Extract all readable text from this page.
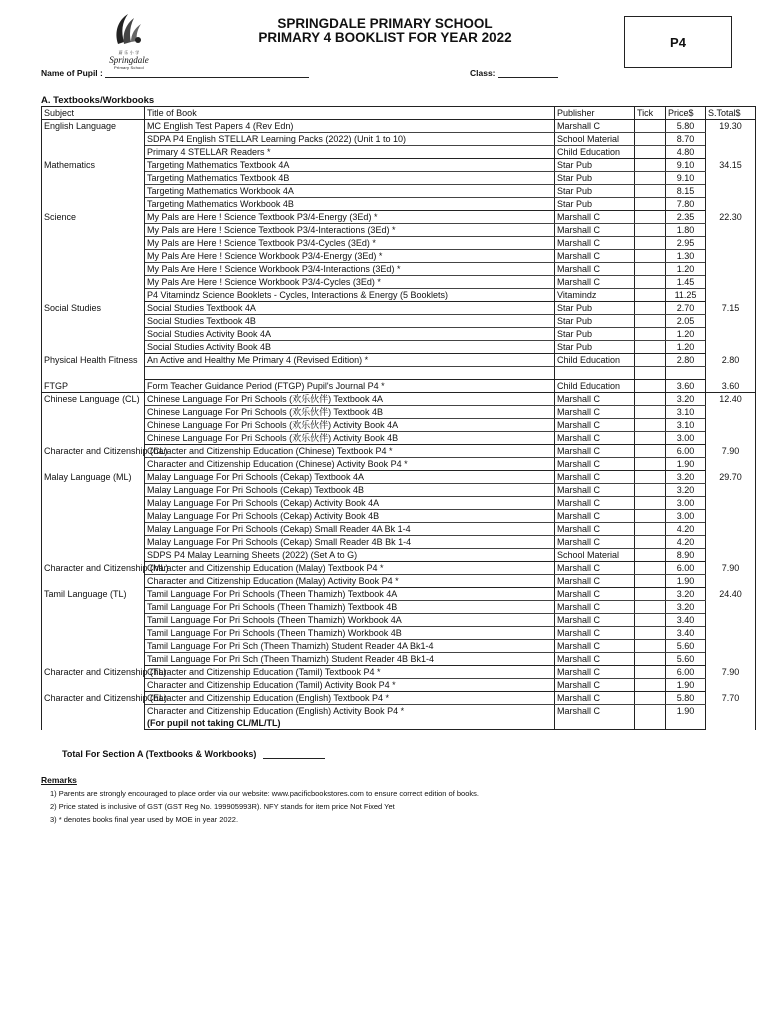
蔚 乐 小 学
Springdale
Primary School
SPRINGDALE PRIMARY SCHOOL
PRIMARY 4 BOOKLIST FOR YEAR 2022	P4
Name of Pupil :	Class:
A. Textbooks/Workbooks
Subject	Title of Book	Publisher	Tick	Price$	S.Total$
English Language	MC English Test Papers 4 (Rev Edn)	Marshall C		5.80	19.30
	SDPA P4 English STELLAR Learning Packs (2022) (Unit 1 to 10)	School Material		8.70	
	Primary 4 STELLAR Readers *	Child Education		4.80	
Mathematics	Targeting Mathematics Textbook 4A	Star Pub		9.10	34.15
	Targeting Mathematics Textbook 4B	Star Pub		9.10	
	Targeting Mathematics Workbook 4A	Star Pub		8.15	
	Targeting Mathematics Workbook 4B	Star Pub		7.80	
Science	My Pals are Here ! Science Textbook P3/4-Energy (3Ed) *	Marshall C		2.35	22.30
	My Pals are Here ! Science Textbook P3/4-Interactions (3Ed) *	Marshall C		1.80	
	My Pals are Here ! Science Textbook P3/4-Cycles (3Ed) *	Marshall C		2.95	
	My Pals Are Here ! Science Workbook P3/4-Energy (3Ed) *	Marshall C		1.30	
	My Pals Are Here ! Science Workbook P3/4-Interactions (3Ed) *	Marshall C		1.20	
	My Pals Are Here ! Science Workbook P3/4-Cycles (3Ed) *	Marshall C		1.45	
	P4 Vitamindz Science Booklets - Cycles, Interactions & Energy (5 Booklets)	Vitamindz		11.25	
Social Studies	Social Studies Textbook 4A	Star Pub		2.70	7.15
	Social Studies Textbook 4B	Star Pub		2.05	
	Social Studies Activity Book 4A	Star Pub		1.20	
	Social Studies Activity Book 4B	Star Pub		1.20	
Physical Health Fitness	An Active and Healthy Me Primary 4 (Revised Edition) *	Child Education		2.80	2.80

FTGP	Form Teacher Guidance Period (FTGP) Pupil's Journal P4 *	Child Education		3.60	3.60
Chinese Language (CL)	Chinese Language For Pri Schools (欢乐伙伴) Textbook 4A	Marshall C		3.20	12.40
	Chinese Language For Pri Schools (欢乐伙伴) Textbook 4B	Marshall C		3.10	
	Chinese Language For Pri Schools (欢乐伙伴) Activity Book 4A	Marshall C		3.10	
	Chinese Language For Pri Schools (欢乐伙伴) Activity Book 4B	Marshall C		3.00	
Character and Citizenship (CL)	Character and Citizenship Education (Chinese) Textbook P4 *	Marshall C		6.00	7.90
	Character and Citizenship Education (Chinese) Activity Book P4 *	Marshall C		1.90	
Malay Language (ML)	Malay Language For Pri Schools (Cekap) Textbook 4A	Marshall C		3.20	29.70
	Malay Language For Pri Schools (Cekap) Textbook 4B	Marshall C		3.20	
	Malay Language For Pri Schools (Cekap) Activity Book 4A	Marshall C		3.00	
	Malay Language For Pri Schools (Cekap) Activity Book 4B	Marshall C		3.00	
	Malay Language For Pri Schools (Cekap) Small Reader 4A Bk 1-4	Marshall C		4.20	
	Malay Language For Pri Schools (Cekap) Small Reader 4B Bk 1-4	Marshall C		4.20	
	SDPS P4 Malay Learning Sheets (2022) (Set A to G)	School Material		8.90	
Character and Citizenship (ML)	Character and Citizenship Education (Malay) Textbook P4 *	Marshall C		6.00	7.90
	Character and Citizenship Education (Malay) Activity Book P4 *	Marshall C		1.90	
Tamil Language (TL)	Tamil Language For Pri Schools (Theen Thamizh) Textbook 4A	Marshall C		3.20	24.40
	Tamil Language For Pri Schools (Theen Thamizh) Textbook 4B	Marshall C		3.20	
	Tamil Language For Pri Schools (Theen Thamizh) Workbook 4A	Marshall C		3.40	
	Tamil Language For Pri Schools (Theen Thamizh) Workbook 4B	Marshall C		3.40	
	Tamil Language For Pri Sch (Theen Thamizh) Student Reader 4A Bk1-4	Marshall C		5.60	
	Tamil Language For Pri Sch (Theen Thamizh) Student Reader 4B Bk1-4	Marshall C		5.60	
Character and Citizenship (TL)	Character and Citizenship Education (Tamil) Textbook P4 *	Marshall C		6.00	7.90
	Character and Citizenship Education (Tamil) Activity Book P4 *	Marshall C		1.90	
Character and Citizenship (EL)	Character and Citizenship Education (English) Textbook P4 *	Marshall C		5.80	7.70

	Character and Citizenship Education (English) Activity Book P4 *
(For pupil not taking CL/ML/TL)	Marshall C		1.90	
Total For Section A (Textbooks & Workbooks)
Remarks
1) Parents are strongly encouraged to place order via our website: www.pacificbookstores.com to ensure correct edition of books.
2) Price stated is inclusive of GST (GST Reg No. 199905993R). NFY stands for item price Not Fixed Yet
3) * denotes books final year used by MOE in year 2022.
